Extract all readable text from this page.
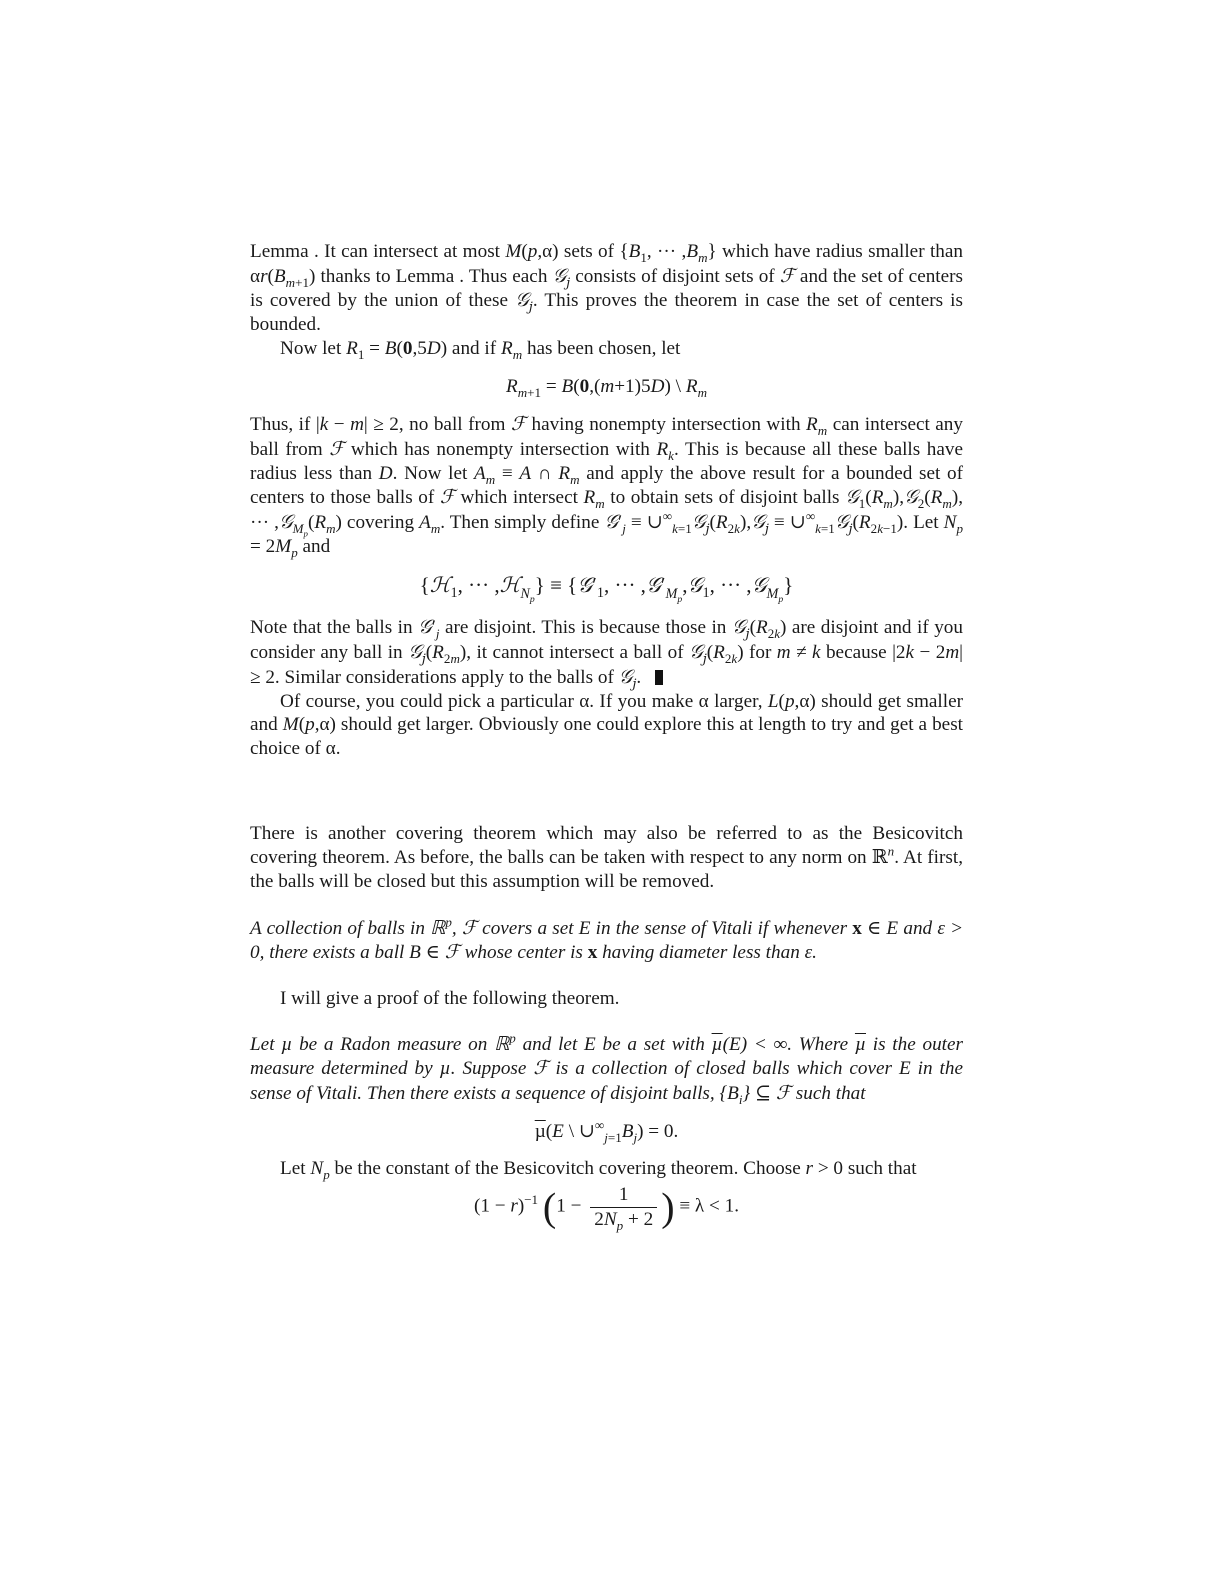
Lemma . It can intersect at most M(p,α) sets of {$B_1$, ··· $,B_m$} which have radius smaller than $\alpha r(B_{m+1})$ thanks to Lemma . Thus each 𝒢$_j$ consists of disjoint sets of ℱ and the set of centers is covered by the union of these 𝒢$_j$. This proves the theorem in case the set of centers is bounded.

Now let $R_1 = B(0,5D)$ and if $R_m$ has been chosen, let

$R_{m+1} = B(0,(m+1)5D)$ \ $R_m$

Thus, if |k − m| ≥ 2, no ball from ℱ having nonempty intersection with $R_m$ can intersect any ball from ℱ which has nonempty intersection with $R_k$. This is because all these balls have radius less than D. Now let $A_m \equiv A$ ∩ $R_m$ and apply the above result for a bounded set of centers to those balls of ℱ which intersect $R_m$ to obtain sets of disjoint balls $𝒢_1(R_m),𝒢_2(R_m)$, ··· $,𝒢_{M_p}(R_m)$ covering $A_m$. Then simply define $𝒢'_j$ ≡ $\cup^\infty_{k=1}𝒢_j(R_{2k}),𝒢_j$ ≡ $\cup^\infty_{k=1}𝒢_j(R_{2k-1})$. Let $N_p = 2M_p$ and

{ℋ$_1$, ··· ,ℋ$_{N_p}$} ≡ {$𝒢'_1$, ··· $,𝒢'_{M_p},𝒢_1$, ··· ,𝒢$_{M_p}$}

Note that the balls in $𝒢'_j$ are disjoint. This is because those in $𝒢_j(R_{2k})$ are disjoint and if you consider any ball in $𝒢_j(R_{2m})$, it cannot intersect a ball of $𝒢_j(R_{2k})$ for m ≠ k because |2k − 2m| ≥ 2. Similar considerations apply to the balls of 𝒢$_j$.

Of course, you could pick a particular α. If you make α larger, L(p,α) should get smaller and M(p,α) should get larger. Obviously one could explore this at length to try and get a best choice of α.

There is another covering theorem which may also be referred to as the Besicovitch covering theorem. As before, the balls can be taken with respect to any norm on ℝ$^n$. At first, the balls will be closed but this assumption will be removed.

A collection of balls in ℝ$^p$, ℱ covers a set E in the sense of Vitali if whenever x ∈ E and ε > 0, there exists a ball B ∈ ℱ whose center is x having diameter less than ε.

I will give a proof of the following theorem.

Let µ be a Radon measure on ℝ$^p$ and let E be a set with µ(E) < ∞. Where µ is the outer measure determined by µ. Suppose ℱ is a collection of closed balls which cover E in the sense of Vitali. Then there exists a sequence of disjoint balls, $\{B_i\}$ ⊆ ℱ such that

µ(E \ $\cup^\infty_{j=1}B_j) = 0$.

Let $N_p$ be the constant of the Besicovitch covering theorem. Choose r > 0 such that

$(1 - r)^{-1}$ ($1 - \frac{1}{2N_p + 2}$ ) ≡ λ < 1.
